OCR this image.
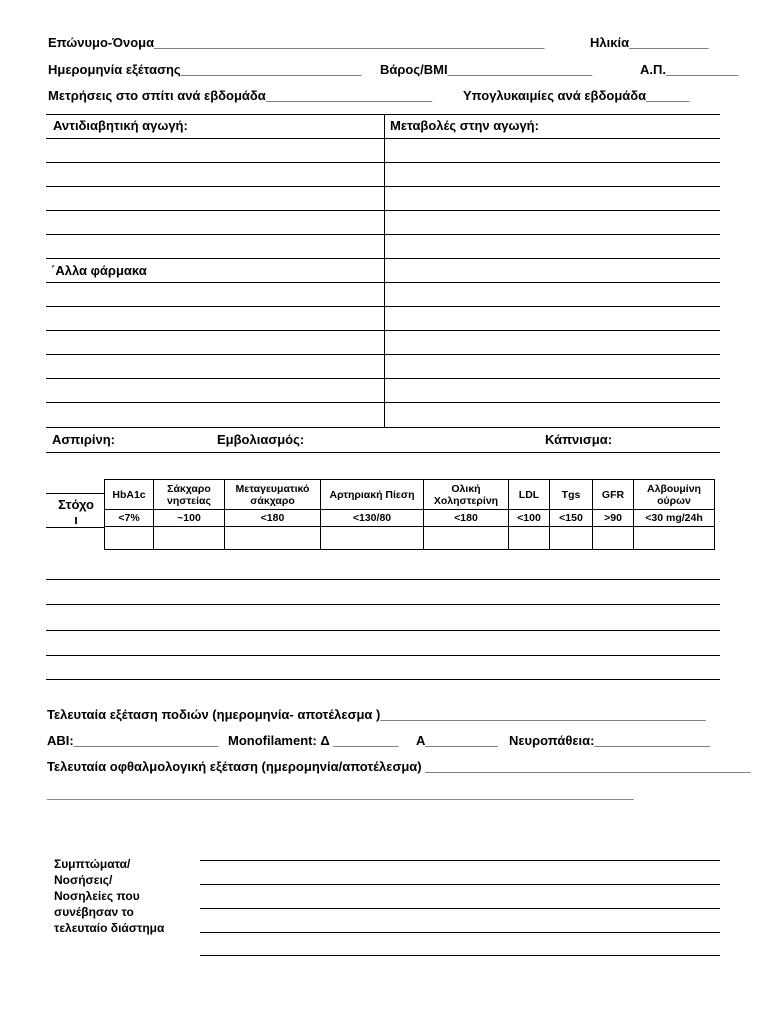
Επώνυμο-Όνομα______________________________________________________	Ηλικία___________
Ημερομηνία εξέτασης_________________________ Βάρος/BMI____________________	Α.Π.__________
Μετρήσεις στο σπίτι ανά εβδομάδα_______________________ Υπογλυκαιμίες ανά εβδομάδα______
Αντιδιαβητική αγωγή:	Μεταβολές στην αγωγή:
΄Αλλα φάρμακα
Ασπιρίνη:	Εμβολιασμός:	Κάπνισμα:
Στόχο
ι
HbA1c	Σάκχαρο νηστείας	Μεταγευματικό σάκχαρο	Αρτηριακή Πίεση	Ολική Χοληστερίνη	LDL	Tgs	GFR	Αλβουμίνη ούρων
<7%	~100	<180	<130/80	<180	<100	<150	>90	<30 mg/24h

Τελευταία εξέταση ποδιών (ημερομηνία- αποτέλεσμα )_____________________________________________
ABI:____________________ Monofilament: Δ _________ Α__________ Νευροπάθεια:________________
Τελευταία οφθαλμολογική εξέταση (ημερομηνία/αποτέλεσμα) _____________________________________________
____________________________________________________________________________________________
Συμπτώματα/
Νοσήσεις/
Νοσηλείες που
συνέβησαν το
τελευταίο διάστημα
